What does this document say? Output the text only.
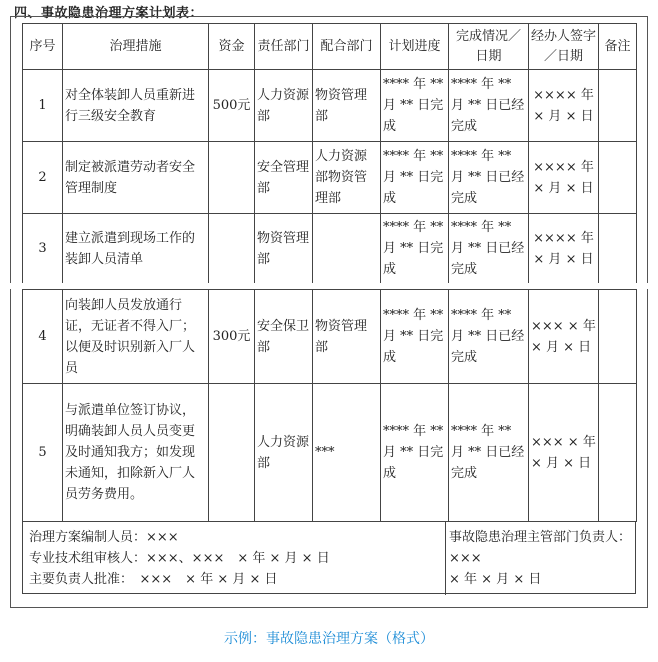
四、事故隐患治理方案计划表：
序号	治理措施	资金	责任部门	配合部门	计划进度	完成情况／日期	经办人签字／日期	备注
1	对全体装卸人员重新进行三级安全教育	500元	人力资源部	物资管理部	**** 年 ** 月 ** 日完成	**** 年 ** 月 ** 日已经完成	×××× 年 × 月 × 日	
2	制定被派遣劳动者安全管理制度		安全管理部	人力资源部物资管理部	**** 年 ** 月 ** 日完成	**** 年 ** 月 ** 日已经完成	×××× 年 × 月 × 日	
3	建立派遣到现场工作的装卸人员清单		物资管理部		**** 年 ** 月 ** 日完成	**** 年 ** 月 ** 日已经完成	×××× 年 × 月 × 日	
4	向装卸人员发放通行证，无证者不得入厂；以便及时识别新入厂人员	300元	安全保卫部	物资管理部	**** 年 ** 月 ** 日完成	**** 年 ** 月 ** 日已经完成	××× × 年 × 月 × 日	
5	与派遣单位签订协议，明确装卸人员人员变更及时通知我方；如发现未通知，扣除新入厂人员劳务费用。		人力资源部	***	**** 年 ** 月 ** 日完成	**** 年 ** 月 ** 日已经完成	××× × 年 × 月 × 日	
治理方案编制人员：×××
专业技术组审核人：×××、×××　× 年 × 月 × 日
主要负责人批准：　×××　× 年 × 月 × 日
事故隐患治理主管部门负责人：　×××
× 年 × 月 × 日
示例：事故隐患治理方案（格式）
